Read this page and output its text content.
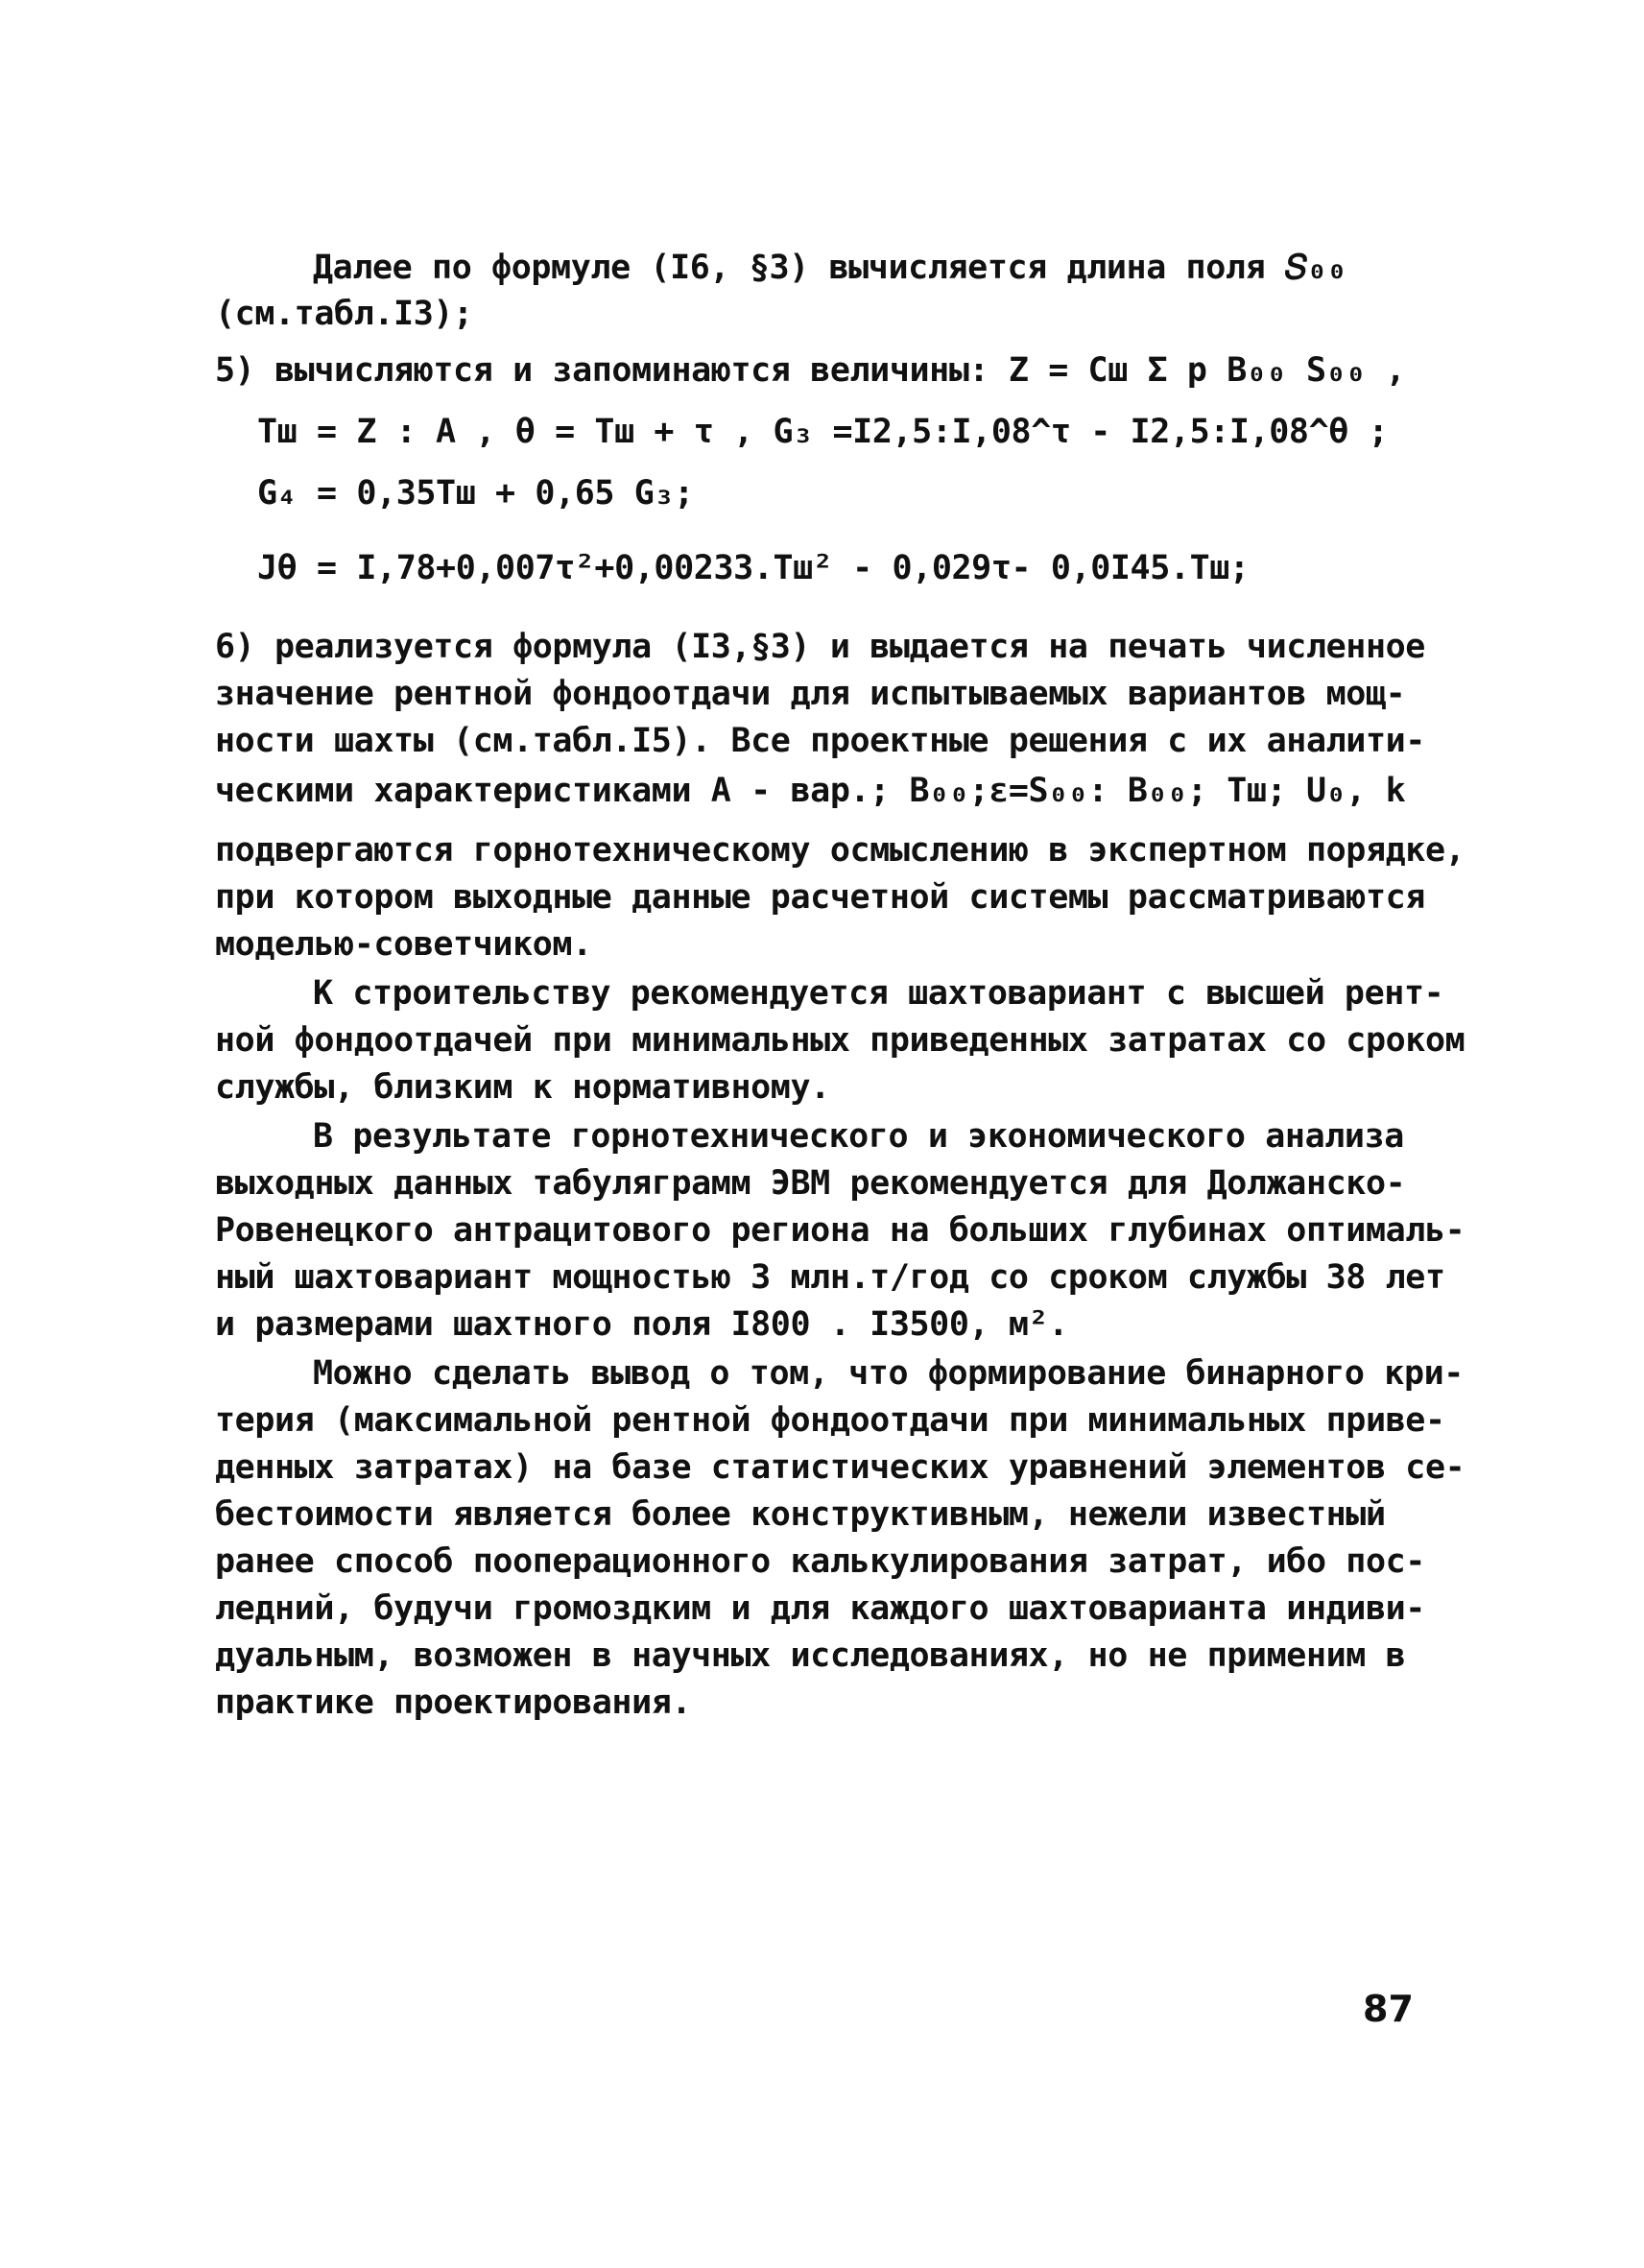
Далее по формуле (I6, §3) вычисляется длина поля 𝑆₀₀
(см.табл.I3);
5) вычисляются и запоминаются величины: Z = Cш Σ p B₀₀ S₀₀ ,
Tш = Z : A , θ = Tш + τ , G₃ =I2,5:I,08^τ - I2,5:I,08^θ ;
G₄ = 0,35Tш + 0,65 G₃;
Jθ = I,78+0,007τ²+0,00233.Tш² - 0,029τ- 0,0I45.Tш;
6) реализуется формула (I3,§3) и выдается на печать численное
значение рентной фондоотдачи для испытываемых вариантов мощ-
ности шахты (см.табл.I5). Все проектные решения с их аналити-
ческими характеристиками A - вар.; B₀₀;ε=S₀₀: B₀₀; Tш; U₀, k
подвергаются горнотехническому осмыслению в экспертном порядке,
при котором выходные данные расчетной системы рассматриваются
моделью-советчиком.
К строительству рекомендуется шахтовариант с высшей рент-
ной фондоотдачей при минимальных приведенных затратах со сроком
службы, близким к нормативному.
В результате горнотехнического и экономического анализа
выходных данных табуляграмм ЭВМ рекомендуется для Должанско-
Ровенецкого антрацитового региона на больших глубинах оптималь-
ный шахтовариант мощностью 3 млн.т/год со сроком службы 38 лет
и размерами шахтного поля I800 . I3500, м².
Можно сделать вывод о том, что формирование бинарного кри-
терия (максимальной рентной фондоотдачи при минимальных приве-
денных затратах) на базе статистических уравнений элементов се-
бестоимости является более конструктивным, нежели известный
ранее способ пооперационного калькулирования затрат, ибо пос-
ледний, будучи громоздким и для каждого шахтоварианта индиви-
дуальным, возможен в научных исследованиях, но не применим в
практике проектирования.
87
